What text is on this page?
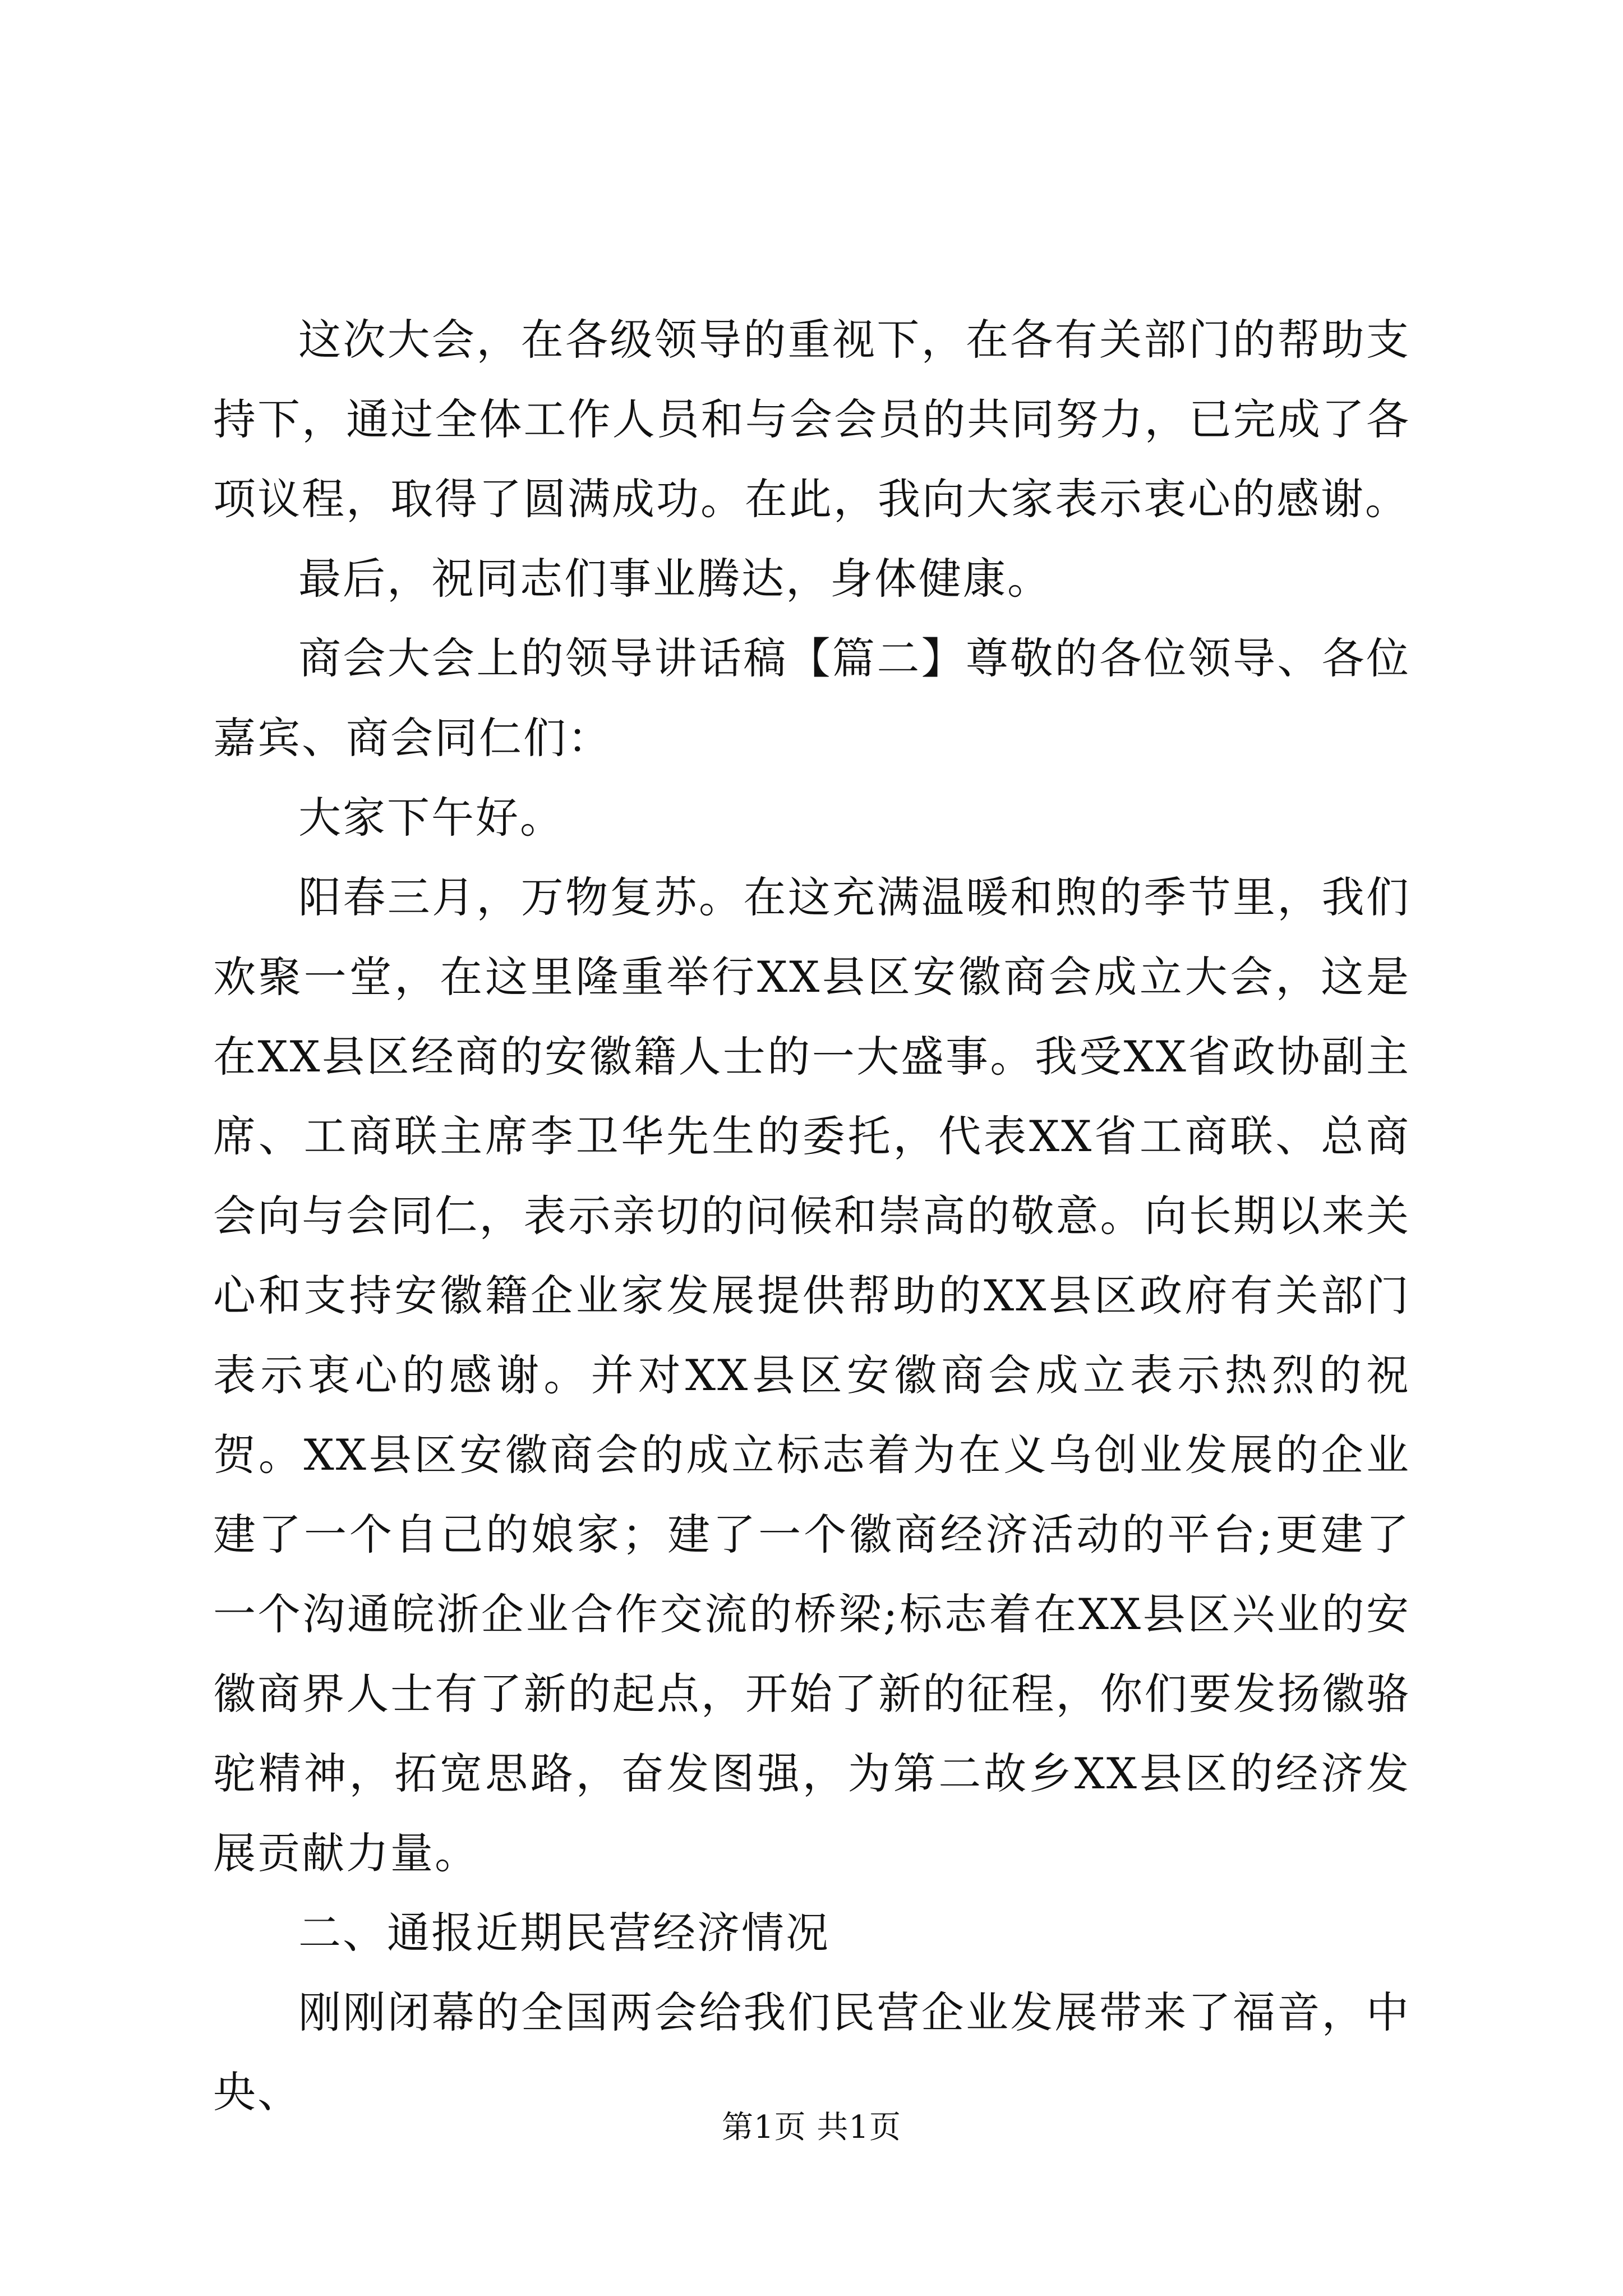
这次大会，在各级领导的重视下，在各有关部门的帮助支持下，通过全体工作人员和与会会员的共同努力，已完成了各项议程，取得了圆满成功。在此，我向大家表示衷心的感谢。

最后，祝同志们事业腾达，身体健康。

商会大会上的领导讲话稿【篇二】尊敬的各位领导、各位嘉宾、商会同仁们：

大家下午好。

阳春三月，万物复苏。在这充满温暖和煦的季节里，我们欢聚一堂，在这里隆重举行XX县区安徽商会成立大会，这是在XX县区经商的安徽籍人士的一大盛事。我受XX省政协副主席、工商联主席李卫华先生的委托，代表XX省工商联、总商会向与会同仁，表示亲切的问候和崇高的敬意。向长期以来关心和支持安徽籍企业家发展提供帮助的XX县区政府有关部门表示衷心的感谢。并对XX县区安徽商会成立表示热烈的祝贺。XX县区安徽商会的成立标志着为在义乌创业发展的企业建了一个自己的娘家；建了一个徽商经济活动的平台;更建了一个沟通皖浙企业合作交流的桥梁;标志着在XX县区兴业的安徽商界人士有了新的起点，开始了新的征程，你们要发扬徽骆驼精神，拓宽思路，奋发图强，为第二故乡XX县区的经济发展贡献力量。

二、通报近期民营经济情况

刚刚闭幕的全国两会给我们民营企业发展带来了福音，中央、

第1页 共1页
